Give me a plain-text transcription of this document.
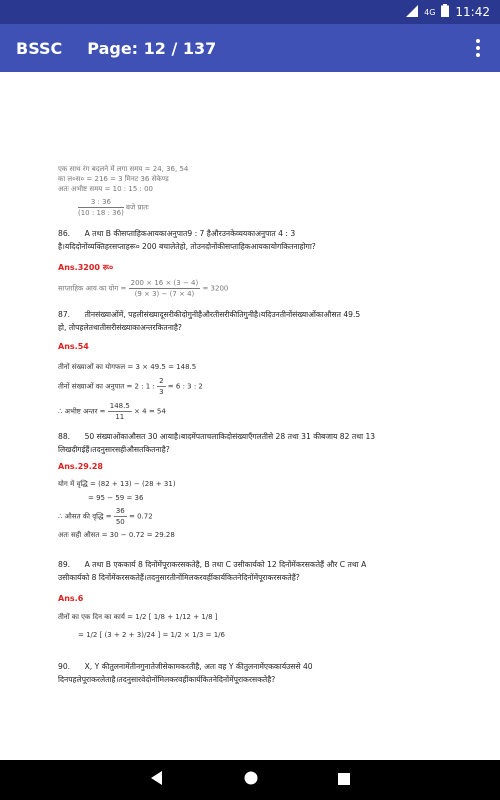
4G 11:42
BSSC Page: 12 / 137
एक साथ रंग बदलने में लगा समय = 24, 36, 54
का ल०स० = 216 = 3 मिनट 36 सेकेण्ड
अतः अभीष्ट समय = 10 : 15 : 00
$\frac{3 : 36}{(10 : 18 : 36)}$ बजे प्रातः
86. A तथा B कीसप्ताहिकआयकाअनुपात9 : 7 हैऔरउनकेव्ययकाअनुपात 4 : 3
है।यदिदोनोंव्यक्तिहरसप्ताहरू० 200 बचालेतेहो, तोउनदोनोंकीसप्ताहिकआयकायोगकितनाहोगा?
Ans.3200 रू०
साप्ताहिक आय का योग = $\frac{200 \times 16 \times (3 - 4)}{(9 \times 3) - (7 \times 4)} = 3200$
87. तीनसंख्याओंमें, पहलीसंख्यादूसरीकीदोगुनीहैऔरतीसरीकीतिगुनीहै।यदिउनतीनोंसंख्याओंकाऔसत 49.5
हो, तोपहलेतथातीसरीसंख्याकाअन्तरकितनाहै?
Ans.54
तीनों संख्याओं का योगफल = 3 × 49.5 = 148.5
तीनों संख्याओं का अनुपात = 2 : 1 : $\frac{2}{3} = 6$ : 3 : 2
∴ अभीष्ट अन्तर = $\frac{148.5}{11} \times 4 = 54$
88. 50 संख्याओंकाऔसत 30 आयाहै।बादमेंपताचलाकिदोसंख्याएँगलतीसे 28 तथा 31 कीबजाय 82 तथा 13
लिखदीगईहैं।तदनुसारसहीऔसतकितनाहै?
Ans.29.28
योग में वृद्धि = (82 + 13) − (28 + 31)
= 95 − 59 = 36
∴ औसत की वृद्धि = $\frac{36}{50} = 0.72$
अतः सही औसत = 30 − 0.72 = 29.28
89. A तथा B एककार्य 8 दिनोंमेंपूराकरसकतेहै, B तथा C उसीकार्यको 12 दिनोंमेंकरसकतेहैं और C तथा A
उसीकार्यको 8 दिनोंमेंकरसकतेहैं।तदनुसारतीनोंमिलकरवहींकार्यकितनेदिनोंमेंपूराकरसकतेहैं?
Ans.6
तीनों का एक दिन का कार्य = 1/2 [ 1/8 + 1/12 + 1/8 ]
= 1/2 [ (3 + 2 + 3)/24 ] = 1/2 × 1/3 = 1/6
90. X, Y कीतुलनामेंतीनगुनातेजीसेकामकरतीहै, अतः वह Y कीतुलनामेंएककार्यउससे 40
दिनपहलेपूराकरलेताहै।तदनुसारवेदोनोंमिलकरवहींकार्यकितनेदिनोंमेंपूराकरसकतेहै?
